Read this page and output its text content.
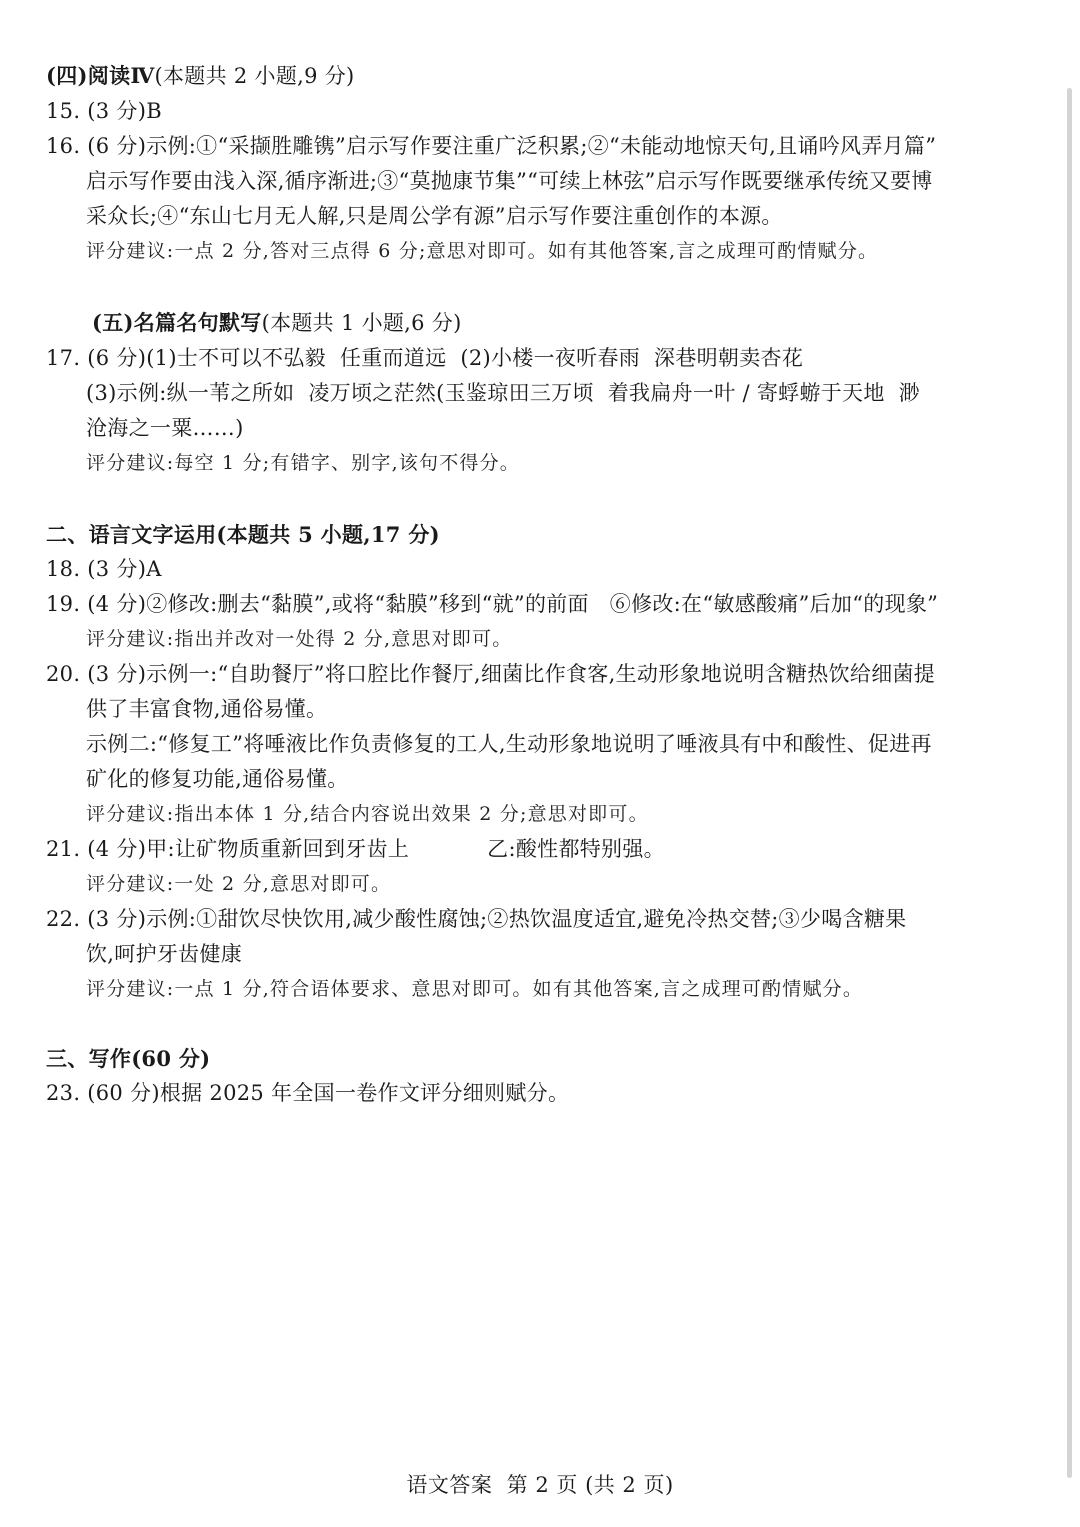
(四)阅读Ⅳ(本题共 2 小题,9 分)
15. (3 分)B
16. (6 分)示例:①“采撷胜雕镌”启示写作要注重广泛积累;②“未能动地惊天句,且诵吟风弄月篇”
启示写作要由浅入深,循序渐进;③“莫抛康节集”“可续上林弦”启示写作既要继承传统又要博
采众长;④“东山七月无人解,只是周公学有源”启示写作要注重创作的本源。
评分建议:一点 2 分,答对三点得 6 分;意思对即可。如有其他答案,言之成理可酌情赋分。
(五)名篇名句默写(本题共 1 小题,6 分)
17. (6 分)(1)士不可以不弘毅  任重而道远  (2)小楼一夜听春雨  深巷明朝卖杏花
(3)示例:纵一苇之所如  凌万顷之茫然(玉鉴琼田三万顷  着我扁舟一叶 / 寄蜉蝣于天地  渺
沧海之一粟……)
评分建议:每空 1 分;有错字、别字,该句不得分。
二、语言文字运用(本题共 5 小题,17 分)
18. (3 分)A
19. (4 分)②修改:删去“黏膜”,或将“黏膜”移到“就”的前面   ⑥修改:在“敏感酸痛”后加“的现象”
评分建议:指出并改对一处得 2 分,意思对即可。
20. (3 分)示例一:“自助餐厅”将口腔比作餐厅,细菌比作食客,生动形象地说明含糖热饮给细菌提
供了丰富食物,通俗易懂。
示例二:“修复工”将唾液比作负责修复的工人,生动形象地说明了唾液具有中和酸性、促进再
矿化的修复功能,通俗易懂。
评分建议:指出本体 1 分,结合内容说出效果 2 分;意思对即可。
21. (4 分)甲:让矿物质重新回到牙齿上	乙:酸性都特别强。
评分建议:一处 2 分,意思对即可。
22. (3 分)示例:①甜饮尽快饮用,减少酸性腐蚀;②热饮温度适宜,避免冷热交替;③少喝含糖果
饮,呵护牙齿健康
评分建议:一点 1 分,符合语体要求、意思对即可。如有其他答案,言之成理可酌情赋分。
三、写作(60 分)
23. (60 分)根据 2025 年全国一卷作文评分细则赋分。
语文答案  第 2 页 (共 2 页)
